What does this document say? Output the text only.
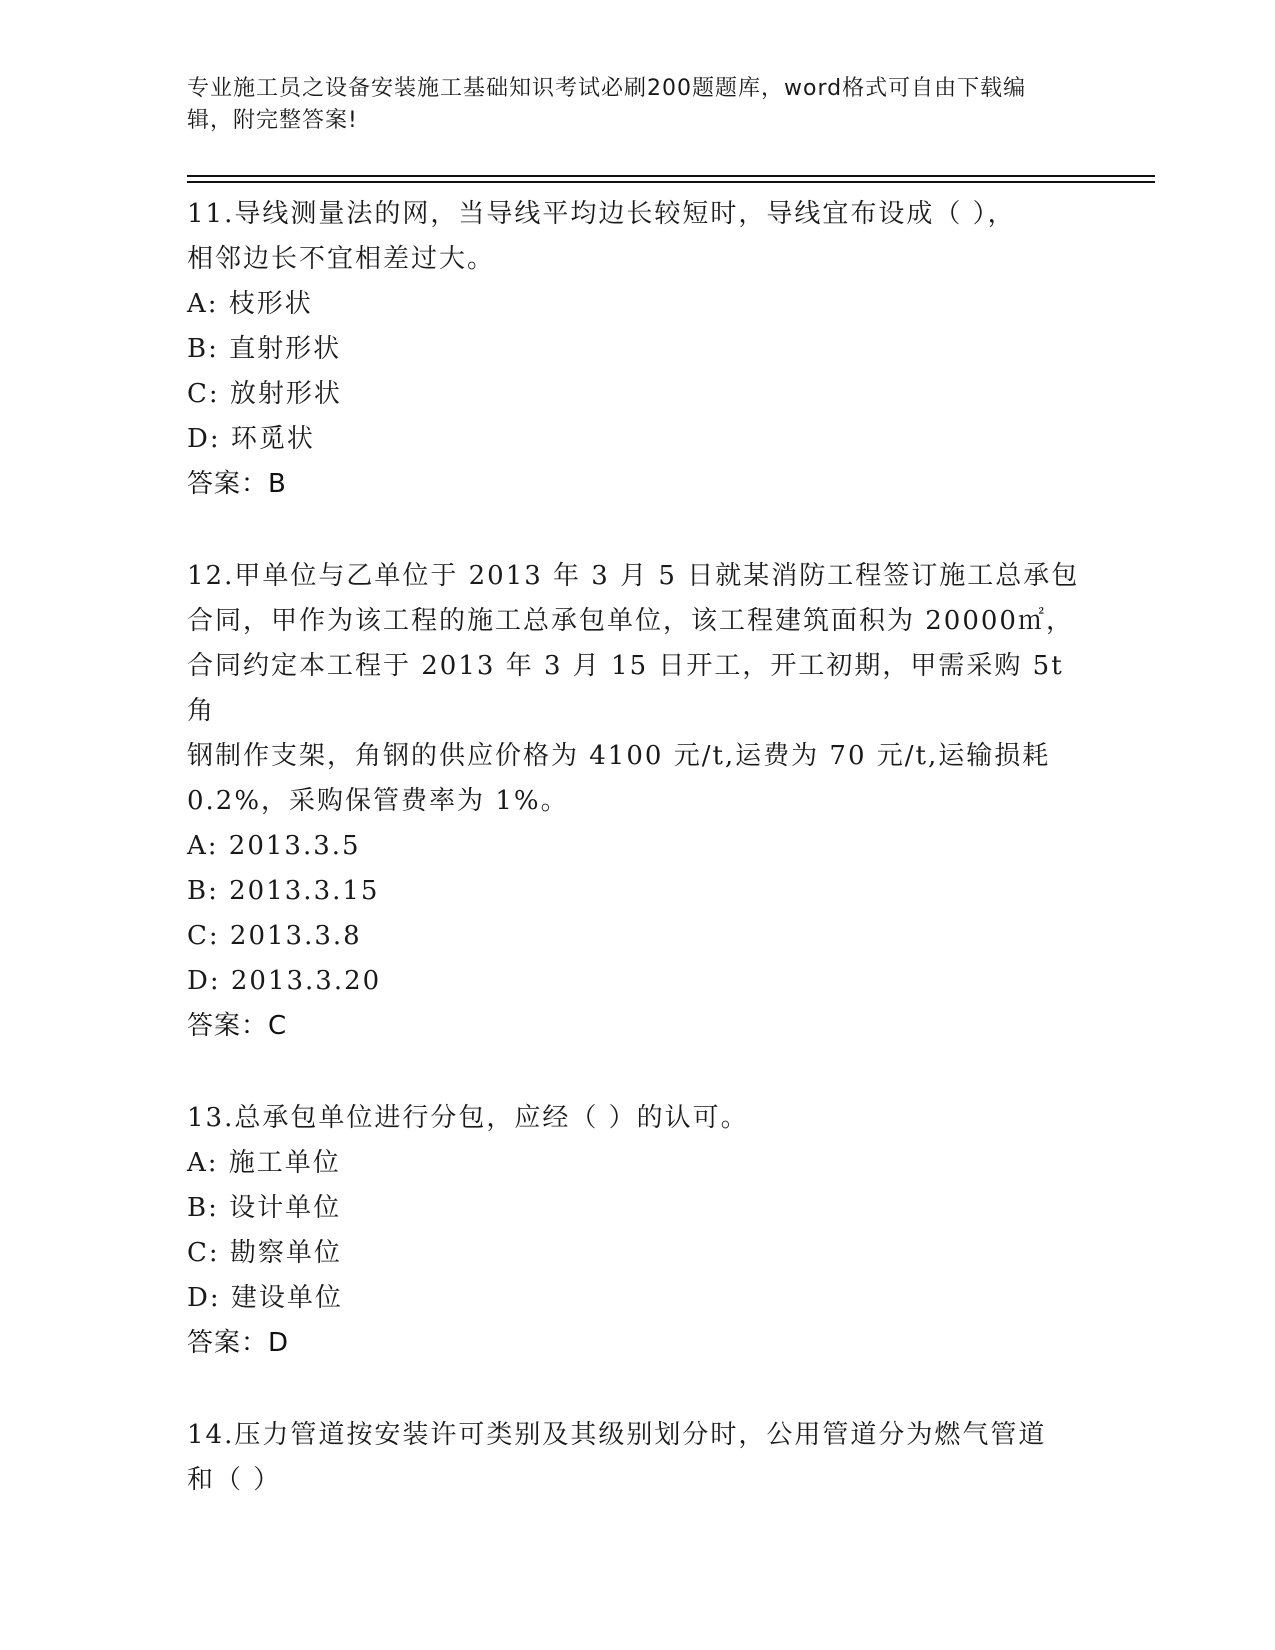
专业施工员之设备安装施工基础知识考试必刷200题题库，word格式可自由下载编辑，附完整答案!

11.导线测量法的网，当导线平均边长较短时，导线宜布设成（ ），

相邻边长不宜相差过大。

A: 枝形状

B: 直射形状

C: 放射形状

D: 环觅状

答案：B

12.甲单位与乙单位于 2013 年 3 月 5 日就某消防工程签订施工总承包

合同，甲作为该工程的施工总承包单位，该工程建筑面积为 20000㎡，

合同约定本工程于 2013 年 3 月 15 日开工，开工初期，甲需采购 5t 角

钢制作支架，角钢的供应价格为 4100 元/t,运费为 70 元/t,运输损耗

0.2%，采购保管费率为 1%。

A: 2013.3.5

B: 2013.3.15

C: 2013.3.8

D: 2013.3.20

答案：C

13.总承包单位进行分包，应经（ ）的认可。

A: 施工单位

B: 设计单位

C: 勘察单位

D: 建设单位

答案：D

14.压力管道按安装许可类别及其级别划分时，公用管道分为燃气管道

和（ ）
